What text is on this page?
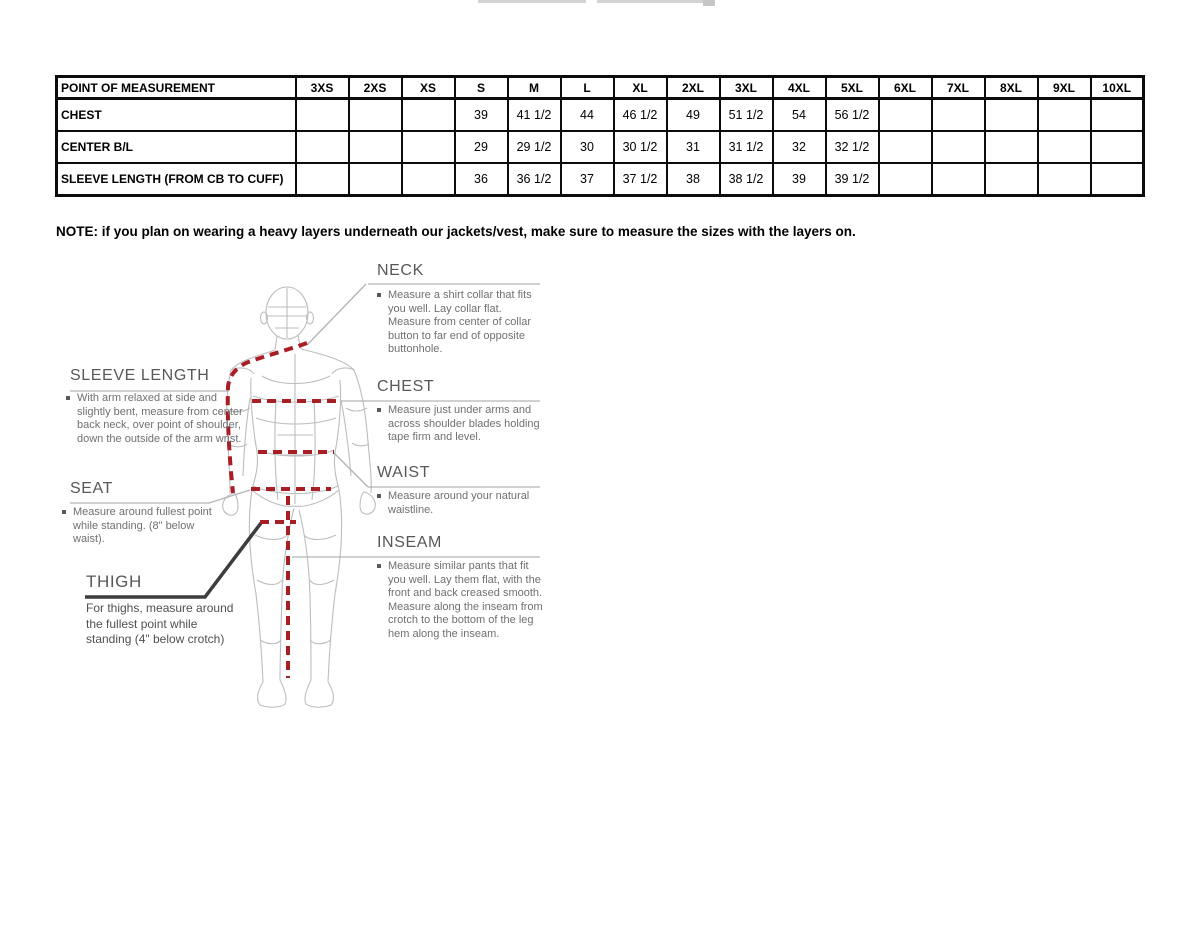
POINT OF MEASUREMENT	3XS	2XS	XS	S	M	L	XL	2XL	3XL	4XL	5XL	6XL	7XL	8XL	9XL	10XL
CHEST				39	41 1/2	44	46 1/2	49	51 1/2	54	56 1/2					
CENTER B/L				29	29 1/2	30	30 1/2	31	31 1/2	32	32 1/2					
SLEEVE LENGTH (FROM CB TO CUFF)				36	36 1/2	37	37 1/2	38	38 1/2	39	39 1/2					
NOTE: if you plan on wearing a heavy layers underneath our jackets/vest, make sure to measure the sizes with the layers on.
NECK
Measure a shirt collar that fits you well. Lay collar flat. Measure from center of collar button to far end of opposite buttonhole.
SLEEVE LENGTH
With arm relaxed at side and slightly bent, measure from center back neck, over point of shoulder, down the outside of the arm wrist.
CHEST
Measure just under arms and across shoulder blades holding tape firm and level.
WAIST
Measure around your natural waistline.
SEAT
Measure around fullest point while standing. (8" below waist).	INSEAM
Measure similar pants that fit you well. Lay them flat, with the front and back creased smooth. Measure along the inseam from crotch to the bottom of the leg hem along the inseam.
THIGH
For thighs, measure around the fullest point while standing (4" below crotch)
